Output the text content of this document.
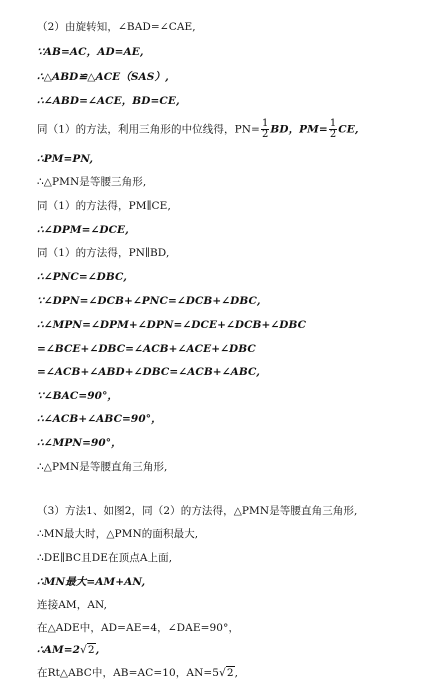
（2）由旋转知，∠BAD=∠CAE,
∵AB=AC，AD=AE,
∴△ABD≌△ACE（SAS）,
∴∠ABD=∠ACE，BD=CE,
同（1）的方法，利用三角形的中位线得，$PN= \frac{1}{2}$ BD，$PM= \frac{1}{2}$ CE,
∴PM=PN,
∴△PMN是等腰三角形,
同（1）的方法得，PM∥CE,
∴∠DPM=∠DCE,
同（1）的方法得，PN∥BD,
∴∠PNC=∠DBC,
∵∠DPN=∠DCB+∠PNC=∠DCB+∠DBC,
∴∠MPN=∠DPM+∠DPN=∠DCE+∠DCB+∠DBC
=∠BCE+∠DBC=∠ACB+∠ACE+∠DBC
=∠ACB+∠ABD+∠DBC=∠ACB+∠ABC,
∵∠BAC=90°，
∴∠ACB+∠ABC=90°，
∴∠MPN=90°，
∴△PMN是等腰直角三角形,
（3）方法1、如图2，同（2）的方法得，△PMN是等腰直角三角形,
∴MN最大时，△PMN的面积最大,
∴DE∥BC且DE在顶点A上面,
∴MN最大=AM+AN,
连接AM，AN,
在△ADE中，AD=AE=4，∠DAE=90°，
∴AM=2√2,
在Rt△ABC中，AB=AC=10，AN=5√2,
